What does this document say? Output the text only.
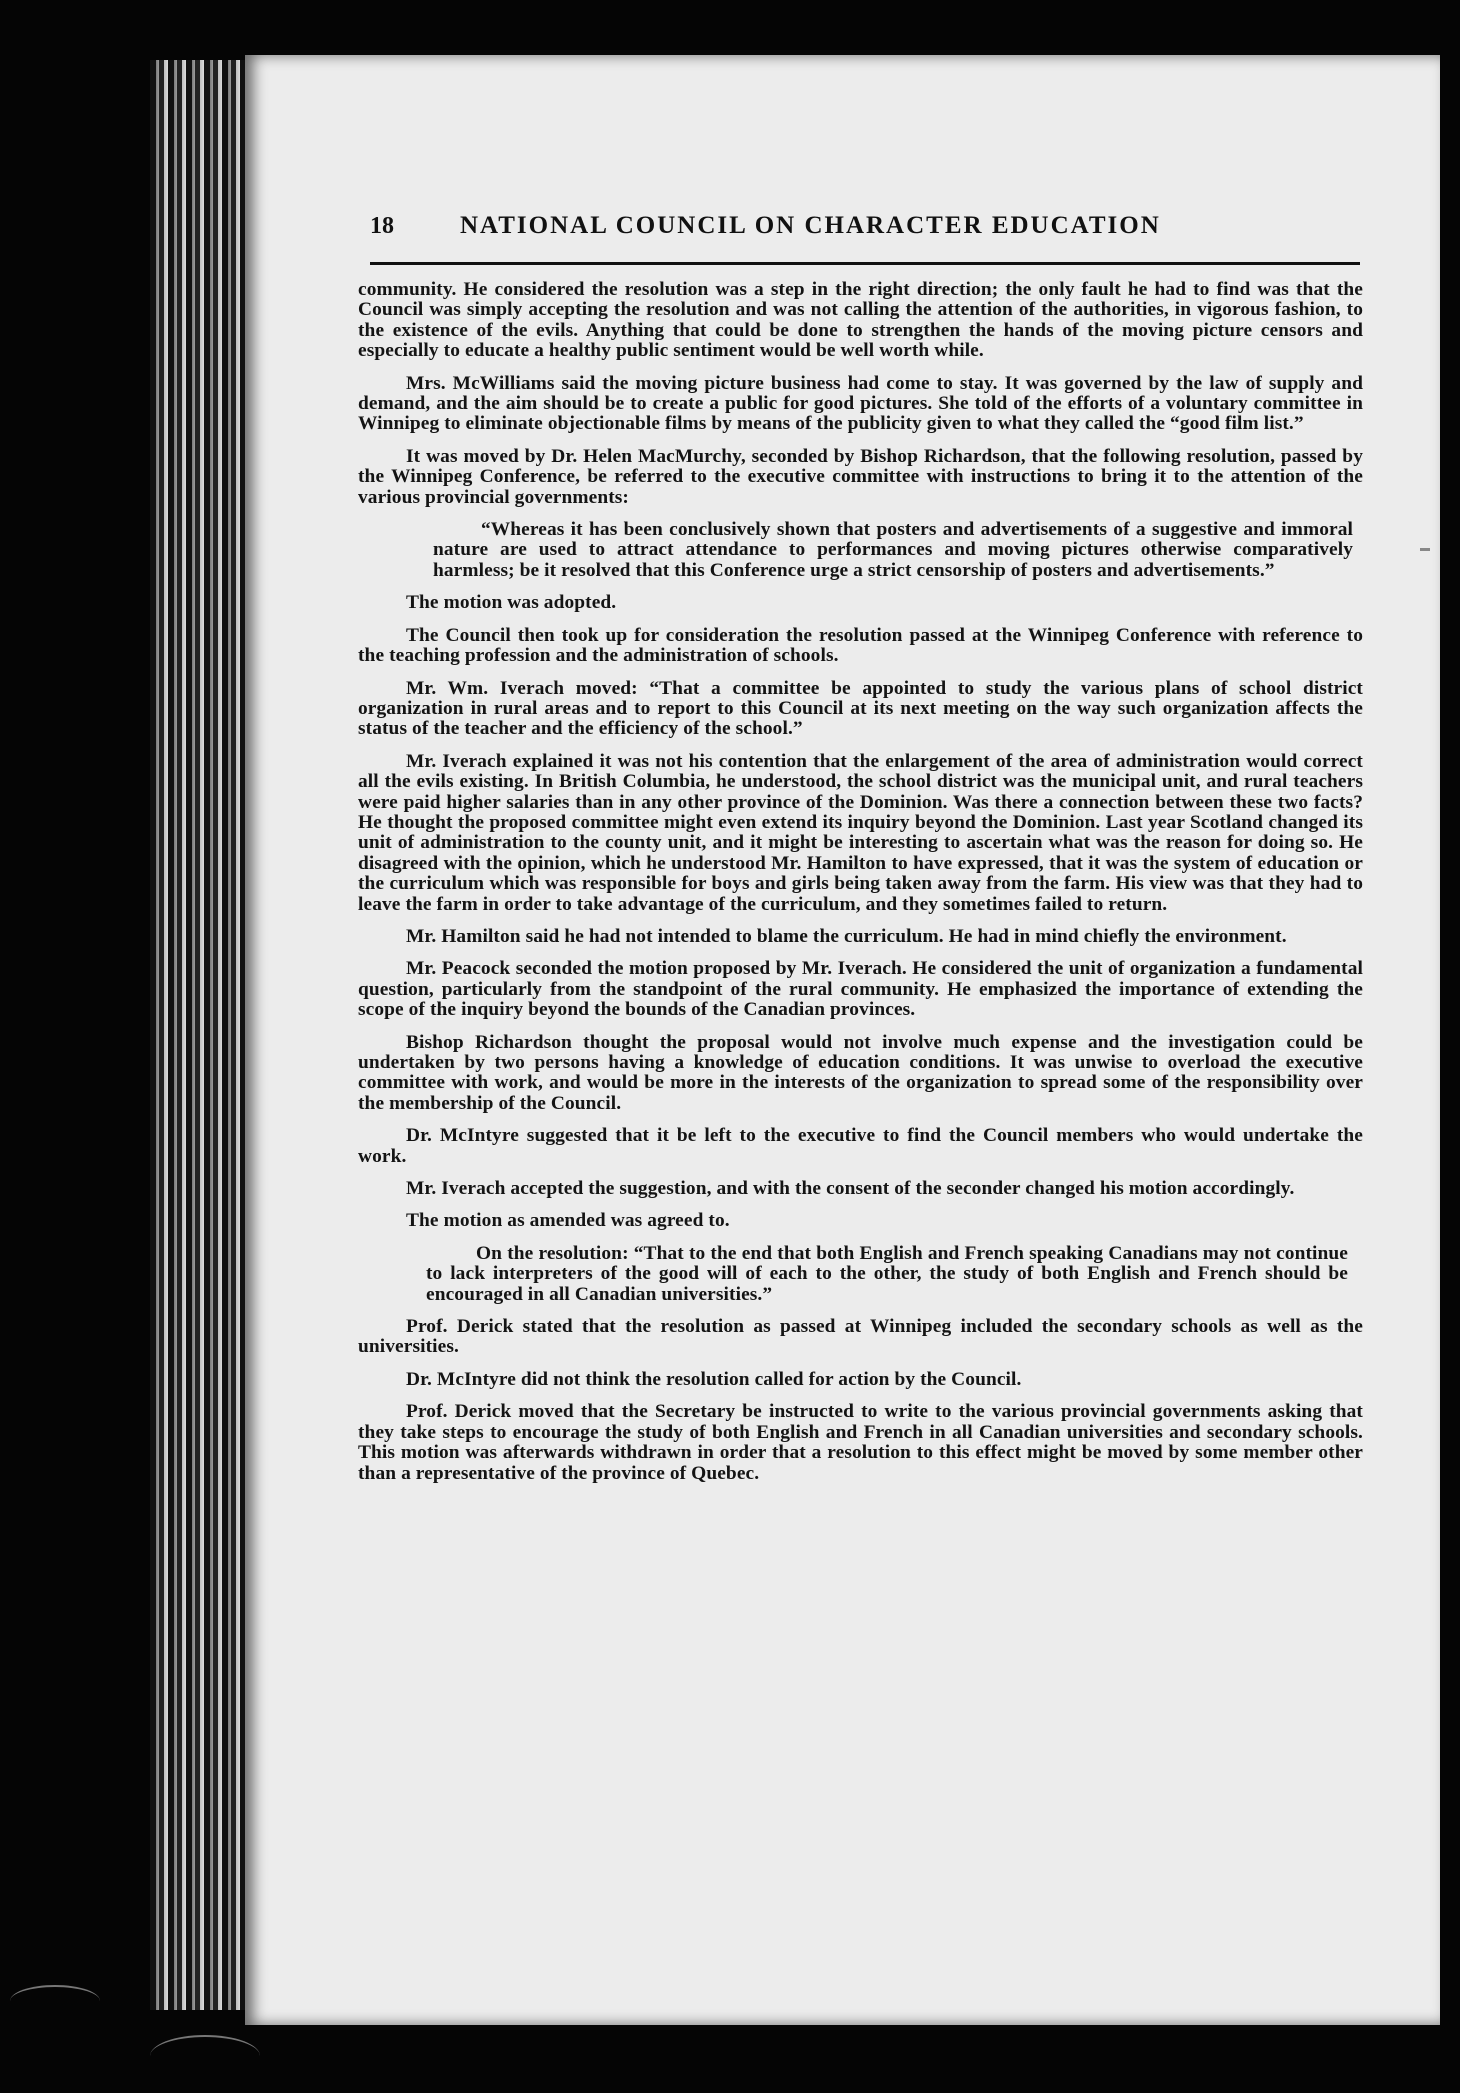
18	NATIONAL COUNCIL ON CHARACTER EDUCATION

community. He considered the resolution was a step in the right direction; the only fault he had to find was that the Council was simply accepting the resolution and was not calling the attention of the authorities, in vigorous fashion, to the existence of the evils. Anything that could be done to strengthen the hands of the moving picture censors and especially to educate a healthy public sentiment would be well worth while.

Mrs. McWilliams said the moving picture business had come to stay. It was governed by the law of supply and demand, and the aim should be to create a public for good pictures. She told of the efforts of a voluntary committee in Winnipeg to eliminate objectionable films by means of the publicity given to what they called the “good film list.”

It was moved by Dr. Helen MacMurchy, seconded by Bishop Richardson, that the following resolution, passed by the Winnipeg Conference, be referred to the executive committee with instructions to bring it to the attention of the various provincial governments:

“Whereas it has been conclusively shown that posters and advertisements of a suggestive and immoral nature are used to attract attendance to performances and moving pictures otherwise comparatively harmless; be it resolved that this Conference urge a strict censorship of posters and advertisements.”

The motion was adopted.

The Council then took up for consideration the resolution passed at the Winnipeg Conference with reference to the teaching profession and the administration of schools.

Mr. Wm. Iverach moved: “That a committee be appointed to study the various plans of school district organization in rural areas and to report to this Council at its next meeting on the way such organization affects the status of the teacher and the efficiency of the school.”

Mr. Iverach explained it was not his contention that the enlargement of the area of administration would correct all the evils existing. In British Columbia, he understood, the school district was the municipal unit, and rural teachers were paid higher salaries than in any other province of the Dominion. Was there a connection between these two facts? He thought the proposed committee might even extend its inquiry beyond the Dominion. Last year Scotland changed its unit of administration to the county unit, and it might be interesting to ascertain what was the reason for doing so. He disagreed with the opinion, which he understood Mr. Hamilton to have expressed, that it was the system of education or the curriculum which was responsible for boys and girls being taken away from the farm. His view was that they had to leave the farm in order to take advantage of the curriculum, and they sometimes failed to return.

Mr. Hamilton said he had not intended to blame the curriculum. He had in mind chiefly the environment.

Mr. Peacock seconded the motion proposed by Mr. Iverach. He considered the unit of organization a fundamental question, particularly from the standpoint of the rural community. He emphasized the importance of extending the scope of the inquiry beyond the bounds of the Canadian provinces.

Bishop Richardson thought the proposal would not involve much expense and the investigation could be undertaken by two persons having a knowledge of education conditions. It was unwise to overload the executive committee with work, and would be more in the interests of the organization to spread some of the responsibility over the membership of the Council.

Dr. McIntyre suggested that it be left to the executive to find the Council members who would undertake the work.

Mr. Iverach accepted the suggestion, and with the consent of the seconder changed his motion accordingly.

The motion as amended was agreed to.

On the resolution: “That to the end that both English and French speaking Canadians may not continue to lack interpreters of the good will of each to the other, the study of both English and French should be encouraged in all Canadian universities.”

Prof. Derick stated that the resolution as passed at Winnipeg included the secondary schools as well as the universities.

Dr. McIntyre did not think the resolution called for action by the Council.

Prof. Derick moved that the Secretary be instructed to write to the various provincial governments asking that they take steps to encourage the study of both English and French in all Canadian universities and secondary schools. This motion was afterwards withdrawn in order that a resolution to this effect might be moved by some member other than a representative of the province of Quebec.
